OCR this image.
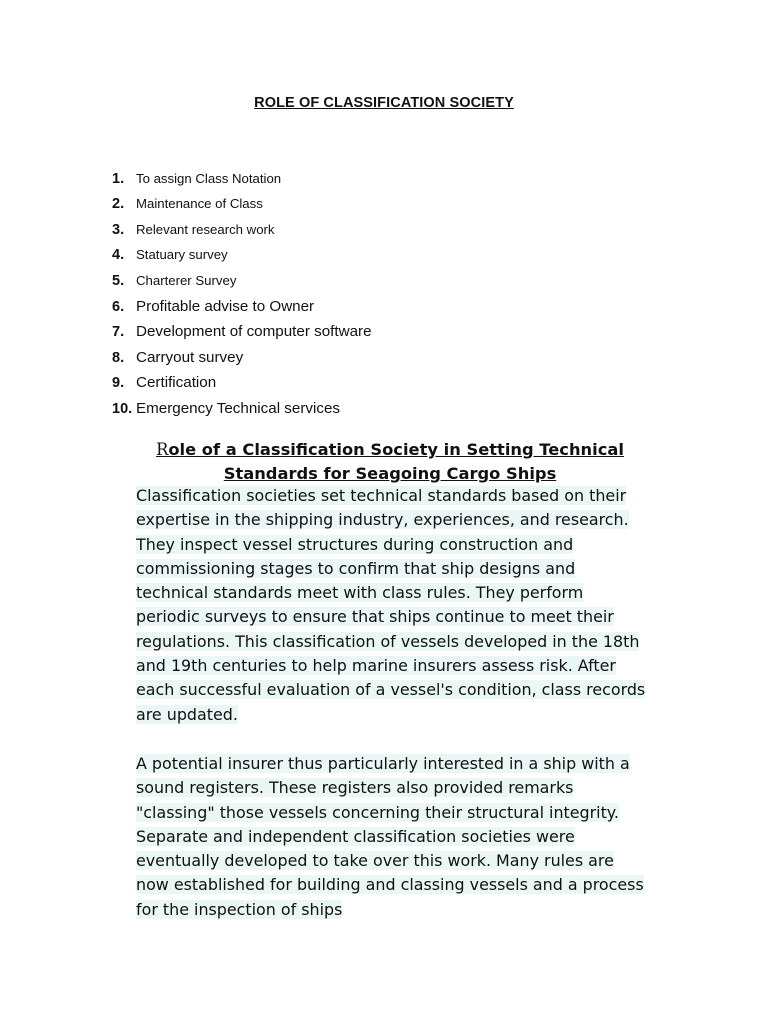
ROLE OF CLASSIFICATION SOCIETY
1. To assign Class Notation
2. Maintenance of Class
3. Relevant research work
4. Statuary survey
5. Charterer Survey
6. Profitable advise to Owner
7. Development of computer software
8. Carryout survey
9. Certification
10. Emergency Technical services
Role of a Classification Society in Setting Technical
Standards for Seagoing Cargo Ships
Classification societies set technical standards based on their
expertise in the shipping industry, experiences, and research.
They inspect vessel structures during construction and
commissioning stages to confirm that ship designs and
technical standards meet with class rules. They perform
periodic surveys to ensure that ships continue to meet their
regulations. This classification of vessels developed in the 18th
and 19th centuries to help marine insurers assess risk. After
each successful evaluation of a vessel's condition, class records
are updated.
A potential insurer thus particularly interested in a ship with a
sound registers. These registers also provided remarks
"classing" those vessels concerning their structural integrity.
Separate and independent classification societies were
eventually developed to take over this work. Many rules are
now established for building and classing vessels and a process
for the inspection of ships
